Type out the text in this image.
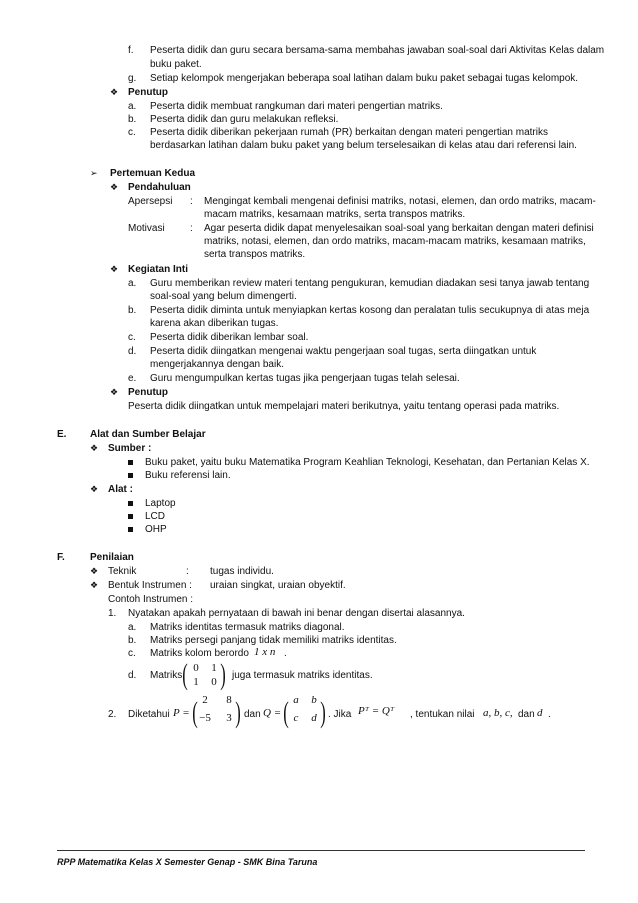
f. Peserta didik dan guru secara bersama-sama membahas jawaban soal-soal dari Aktivitas Kelas dalam
buku paket.
g. Setiap kelompok mengerjakan beberapa soal latihan dalam buku paket sebagai tugas kelompok.
❖ Penutup
a. Peserta didik membuat rangkuman dari materi pengertian matriks.
b. Peserta didik dan guru melakukan refleksi.
c. Peserta didik diberikan pekerjaan rumah (PR) berkaitan dengan materi pengertian matriks
berdasarkan latihan dalam buku paket yang belum terselesaikan di kelas atau dari referensi lain.
➢ Pertemuan Kedua
❖ Pendahuluan
Apersepsi : Mengingat kembali mengenai definisi matriks, notasi, elemen, dan ordo matriks, macam-
macam matriks, kesamaan matriks, serta transpos matriks.
Motivasi	: Agar peserta didik dapat menyelesaikan soal-soal yang berkaitan dengan materi definisi
matriks, notasi, elemen, dan ordo matriks, macam-macam matriks, kesamaan matriks,
serta transpos matriks.
❖ Kegiatan Inti
a. Guru memberikan review materi tentang pengukuran, kemudian diadakan sesi tanya jawab tentang
soal-soal yang belum dimengerti.
b. Peserta didik diminta untuk menyiapkan kertas kosong dan peralatan tulis secukupnya di atas meja
karena akan diberikan tugas.
c. Peserta didik diberikan lembar soal.
d. Peserta didik diingatkan mengenai waktu pengerjaan soal tugas, serta diingatkan untuk
mengerjakannya dengan baik.
e. Guru mengumpulkan kertas tugas jika pengerjaan tugas telah selesai.
❖ Penutup
Peserta didik diingatkan untuk mempelajari materi berikutnya, yaitu tentang operasi pada matriks.
E. Alat dan Sumber Belajar
❖ Sumber :
Buku paket, yaitu buku Matematika Program Keahlian Teknologi, Kesehatan, dan Pertanian Kelas X.
Buku referensi lain.
❖ Alat :
Laptop
LCD
OHP
F.	Penilaian
❖ Teknik	: tugas individu.
❖ Bentuk Instrumen : uraian singkat, uraian obyektif.
Contoh Instrumen :
1. Nyatakan apakah pernyataan di bawah ini benar dengan disertai alasannya.
a. Matriks identitas termasuk matriks diagonal.
b. Matriks persegi panjang tidak memiliki matriks identitas.
c. Matriks kolom berordo 1 x n .
d. Matriks ( 0	1
1	0 ) juga termasuk matriks identitas.
2. Diketahui P = ( 2	8
−5	3 ) dan Q = ( a	b
c	d ) . Jika Pᵀ = Qᵀ , tentukan nilai a, b, c, dan d .
RPP Matematika Kelas X Semester Genap - SMK Bina Taruna
